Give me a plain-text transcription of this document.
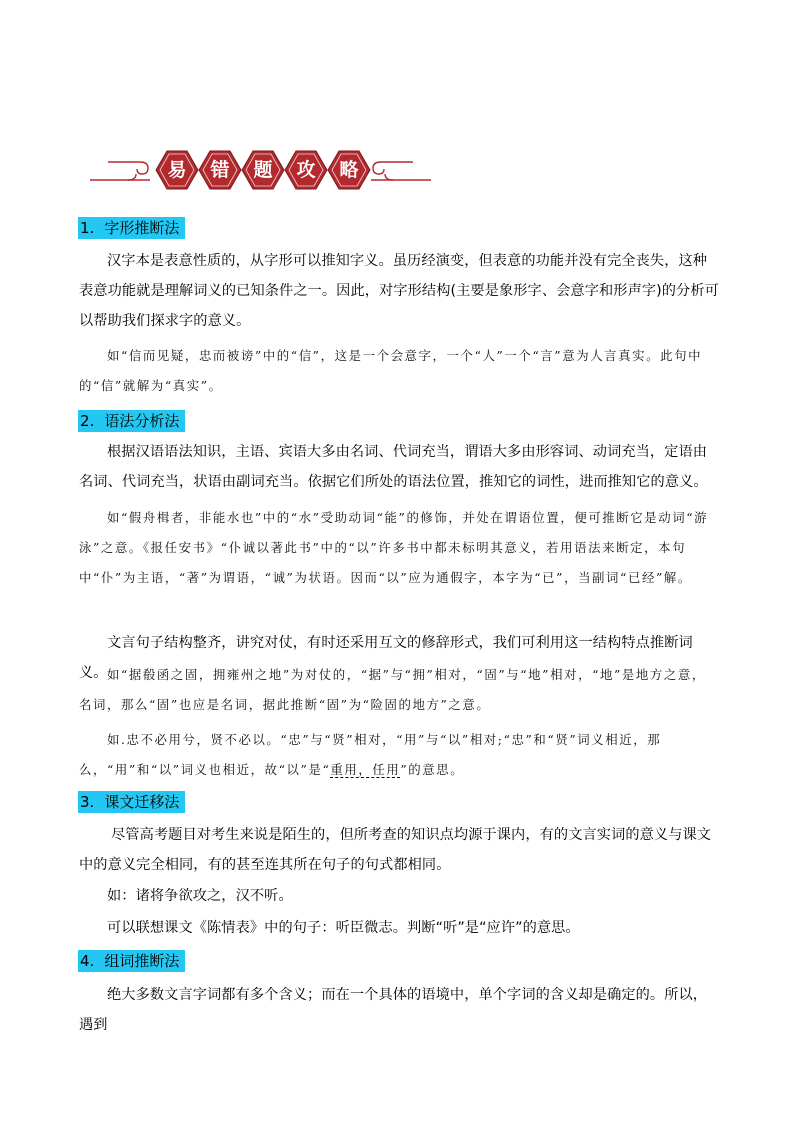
易	错	题	攻	略
1. 字形推断法

汉字本是表意性质的，从字形可以推知字义。虽历经演变，但表意的功能并没有完全丧失，这种表意功能就是理解词义的已知条件之一。因此，对字形结构(主要是象形字、会意字和形声字)的分析可以帮助我们探求字的意义。

如“信而见疑，忠而被谤”中的“信”，这是一个会意字，一个“人”一个“言”意为人言真实。此句中的“信”就解为“真实”。

2. 语法分析法

根据汉语语法知识，主语、宾语大多由名词、代词充当，谓语大多由形容词、动词充当，定语由名词、代词充当，状语由副词充当。依据它们所处的语法位置，推知它的词性，进而推知它的意义。

如“假舟楫者，非能水也”中的“水”受助动词“能”的修饰，并处在谓语位置，便可推断它是动词“游泳”之意。《报任安书》“仆诚以著此书”中的“以”许多书中都未标明其意义，若用语法来断定，本句中“仆”为主语，“著”为谓语，“诚”为状语。因而“以”应为通假字，本字为“已”，当副词“已经”解。

文言句子结构整齐，讲究对仗，有时还采用互文的修辞形式，我们可利用这一结构特点推断词义。 如“据殽函之固，拥雍州之地”为对仗的，“据”与“拥”相对，“固”与“地”相对，“地”是地方之意，名词，那么“固”也应是名词，据此推断“固”为“险固的地方”之意。

如.忠不必用兮，贤不必以。“忠”与“贤”相对，“用”与“以”相对;“忠”和“贤”词义相近，那么，“用”和“以”词义也相近，故“以”是“重用，任用”的意思。

3. 课文迁移法

尽管高考题目对考生来说是陌生的，但所考查的知识点均源于课内，有的文言实词的意义与课文中的意义完全相同，有的甚至连其所在句子的句式都相同。

如：诸将争欲攻之，汉不听。

可以联想课文《陈情表》中的句子：听臣微志。判断“听”是“应许”的意思。

4. 组词推断法

绝大多数文言字词都有多个含义；而在一个具体的语境中，单个字词的含义却是确定的。所以，遇到
